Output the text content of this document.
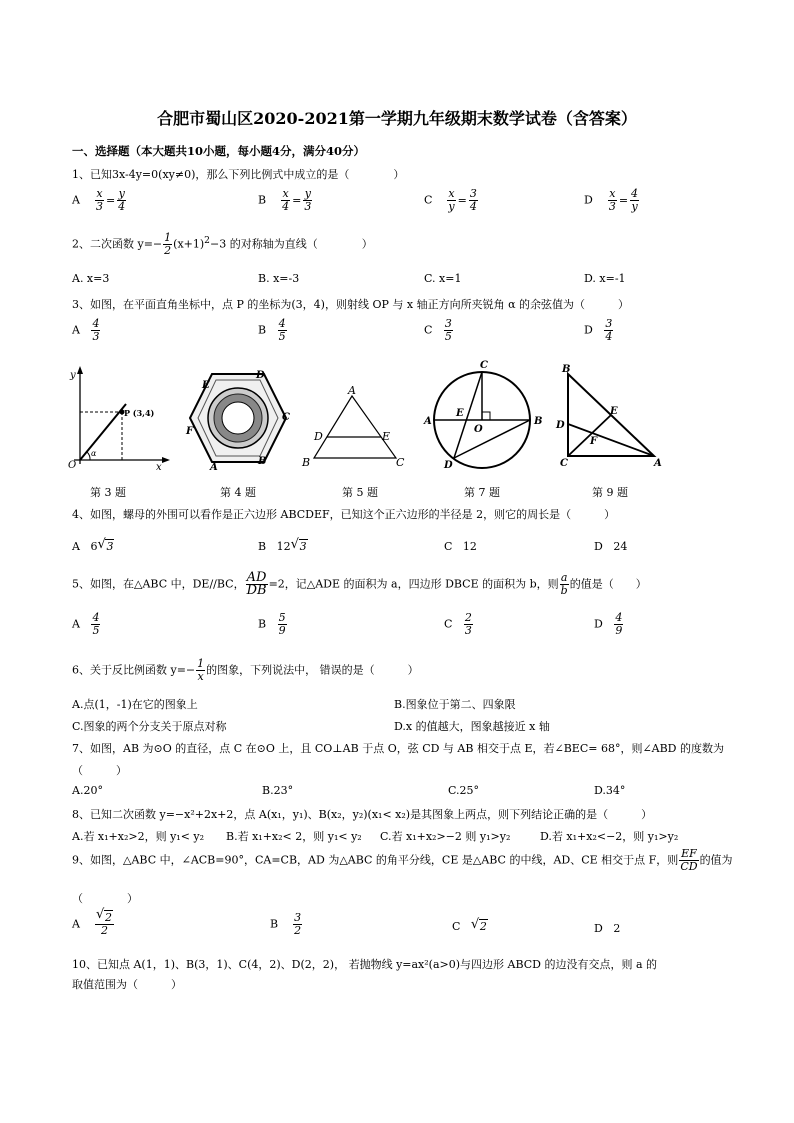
合肥市蜀山区2020-2021第一学期九年级期末数学试卷（含答案）
一、选择题（本大题共10小题，每小题4分，满分40分）
1、已知3x-4y=0(xy≠0)，那么下列比例式中成立的是（　　　　）
A $\frac{x}{3} = \frac{y}{4}$	B $\frac{x}{4} = \frac{y}{3}$	C $\frac{x}{y} = \frac{3}{4}$	D $\frac{x}{3} = \frac{4}{y}$
2、二次函数 $y=- \frac{1}{2} (x+1)^2-3$ 的对称轴为直线（　　　　）
A. x=3	B. x=-3	C. x=1	D. x=-1
3、如图，在平面直角坐标中，点 P 的坐标为(3，4)，则射线 OP 与 x 轴正方向所夹锐角 α 的余弦值为（　　　）
A $\frac{4}{3}$	B $\frac{4}{5}$	C $\frac{3}{5}$	D $\frac{3}{4}$
y
x
O
P (3,4)
α
第 3 题
D
E
C
F
A
B
第 4 题
A
B	C
D	E
第 5 题
C
A	B
E
O
D
第 7 题
B
D
E
F
C	A
第 9 题
4、如图，螺母的外围可以看作是正六边形 ABCDEF，已知这个正六边形的半径是 2，则它的周长是（　　　）
A 6 √ 3	B 12 √ 3	C 12	D 24
5、如图，在△ABC 中，DE//BC， $\frac{AD}{DB} =2$，记△ADE 的面积为 a，四边形 DBCE 的面积为 b，则 $\frac{a}{b}$ 的值是（　　）
A $\frac{4}{5}$	B $\frac{5}{9}$	C $\frac{2}{3}$	D $\frac{4}{9}$
6、关于反比例函数 $y=- \frac{1}{x}$ 的图象，下列说法中， 错误的是（　　　）
A.点(1，-1)在它的图象上	B.图象位于第二、四象限
C.图象的两个分支关于原点对称	D.x 的值越大，图象越接近 x 轴
7、如图，AB 为⊙O 的直径，点 C 在⊙O 上，且 CO⊥AB 于点 O，弦 CD 与 AB 相交于点 E，若∠BEC= 68°，则∠ABD 的度数为
（　　　）
A.20°	B.23°	C.25°	D.34°
8、已知二次函数 y=−x²+2x+2，点 A(x₁，y₁)、B(x₂，y₂)(x₁< x₂)是其图象上两点，则下列结论正确的是（　　　）
A.若 x₁+x₂>2，则 y₁< y₂ B.若 x₁+x₂< 2，则 y₁< y₂ C.若 x₁+x₂>−2 则 y₁>y₂	D.若 x₁+x₂<−2，则 y₁>y₂
9、如图，△ABC 中，∠ACB=90°，CA=CB，AD 为△ABC 的角平分线，CE 是△ABC 的中线，AD、CE 相交于点 F，则 $\frac{EF}{CD}$ 的值为
（　　　　）
A $\frac{√ 2}{2}$	B $\frac{3}{2}$	C √ 2	D 2
10、已知点 A(1，1)、B(3，1)、C(4，2)、D(2，2)， 若抛物线 y=ax²(a>0)与四边形 ABCD 的边没有交点，则 a 的
取值范围为（　　　）
